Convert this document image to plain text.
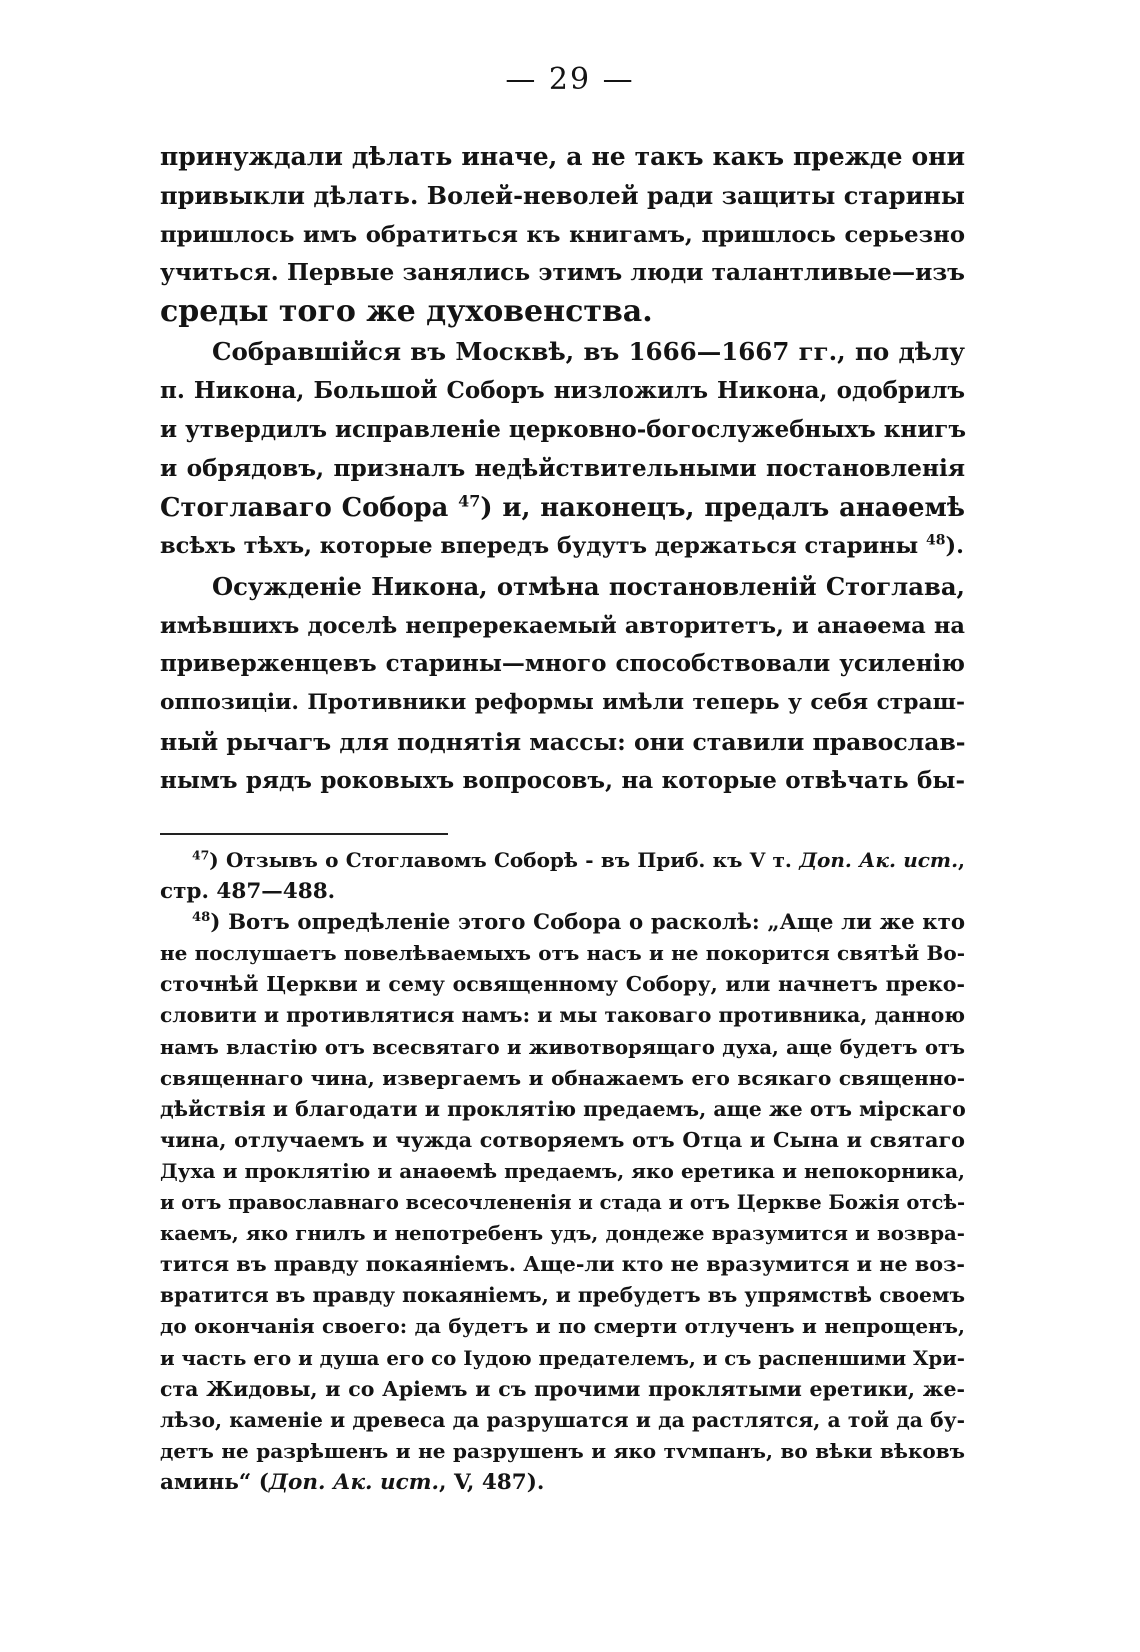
— 29 —
принуждали дѣлать иначе, а не такъ какъ прежде они
привыкли дѣлать. Волей-неволей ради защиты старины
пришлось имъ обратиться къ книгамъ, пришлось серьезно
учиться. Первые занялись этимъ люди талантливые—изъ
среды того же духовенства.
Собравшійся въ Москвѣ, въ 1666—1667 гг., по дѣлу
п. Никона, Большой Соборъ низложилъ Никона, одобрилъ
и утвердилъ исправленіе церковно-богослужебныхъ книгъ
и обрядовъ, призналъ недѣйствительными постановленія
Стоглаваго Собора $^{47}$) и, наконецъ, предалъ анаѳемѣ
всѣхъ тѣхъ, которые впередъ будутъ держаться старины $^{48}$).
Осужденіе Никона, отмѣна постановленій Стоглава,
имѣвшихъ доселѣ непререкаемый авторитетъ, и анаѳема на
приверженцевъ старины—много способствовали усиленію
оппозиціи. Противники реформы имѣли теперь у себя страш-
ный рычагъ для поднятія массы: они ставили православ-
нымъ рядъ роковыхъ вопросовъ, на которые отвѣчать бы-
$^{47}$) Отзывъ о Стоглавомъ Соборѣ - въ Приб. къ V т. Доп. Ак. ист.,
стр. 487—488.
$^{48}$) Вотъ опредѣленіе этого Собора о расколѣ: „Аще ли же кто
не послушаетъ повелѣваемыхъ отъ насъ и не покорится святѣй Во-
сточнѣй Церкви и сему освященному Собору, или начнетъ преко-
словити и противлятися намъ: и мы таковаго противника, данною
намъ властію отъ всесвятаго и животворящаго духа, аще будетъ отъ
священнаго чина, извергаемъ и обнажаемъ его всякаго священно-
дѣйствія и благодати и проклятію предаемъ, аще же отъ мірскаго
чина, отлучаемъ и чужда сотворяемъ отъ Отца и Сына и святаго
Духа и проклятію и анаѳемѣ предаемъ, яко еретика и непокорника,
и отъ православнаго всесочлененія и стада и отъ Церкве Божія отсѣ-
каемъ, яко гнилъ и непотребенъ удъ, дондеже вразумится и возвра-
тится въ правду покаяніемъ. Аще-ли кто не вразумится и не воз-
вратится въ правду покаяніемъ, и пребудетъ въ упрямствѣ своемъ
до окончанія своего: да будетъ и по смерти отлученъ и непрощенъ,
и часть его и душа его со Іудою предателемъ, и съ распеншими Хри-
ста Жидовы, и со Аріемъ и съ прочими проклятыми еретики, же-
лѣзо, каменіе и древеса да разрушатся и да растлятся, а той да бу-
детъ не разрѣшенъ и не разрушенъ и яко тѵмпанъ, во вѣки вѣковъ
аминь“ (Доп. Ак. ист., V, 487).
